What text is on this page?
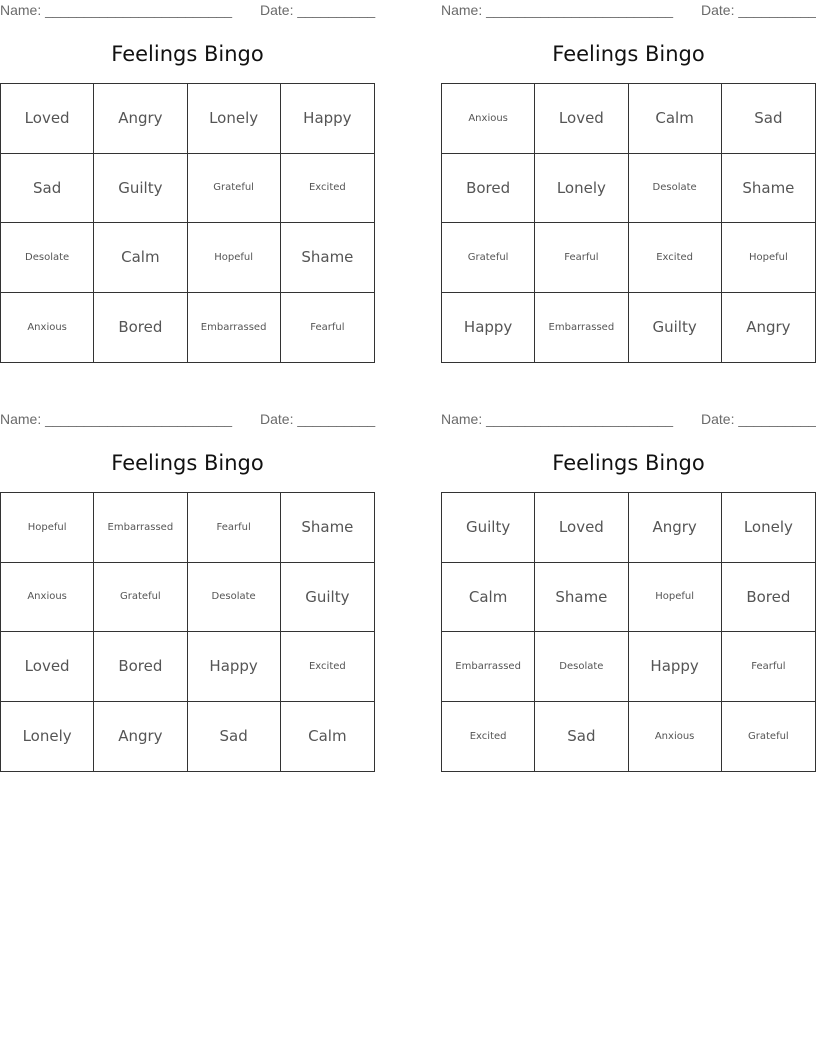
Name: ________________________ Date: __________
Feelings Bingo
Loved	Angry	Lonely	Happy
Sad	Guilty	Grateful	Excited
Desolate	Calm	Hopeful	Shame
Anxious	Bored	Embarrassed	Fearful
Name: ________________________ Date: __________
Feelings Bingo
Anxious	Loved	Calm	Sad
Bored	Lonely	Desolate	Shame
Grateful	Fearful	Excited	Hopeful
Happy	Embarrassed	Guilty	Angry
Name: ________________________ Date: __________
Feelings Bingo
Hopeful	Embarrassed	Fearful	Shame
Anxious	Grateful	Desolate	Guilty
Loved	Bored	Happy	Excited
Lonely	Angry	Sad	Calm
Name: ________________________ Date: __________
Feelings Bingo
Guilty	Loved	Angry	Lonely
Calm	Shame	Hopeful	Bored
Embarrassed	Desolate	Happy	Fearful
Excited	Sad	Anxious	Grateful
